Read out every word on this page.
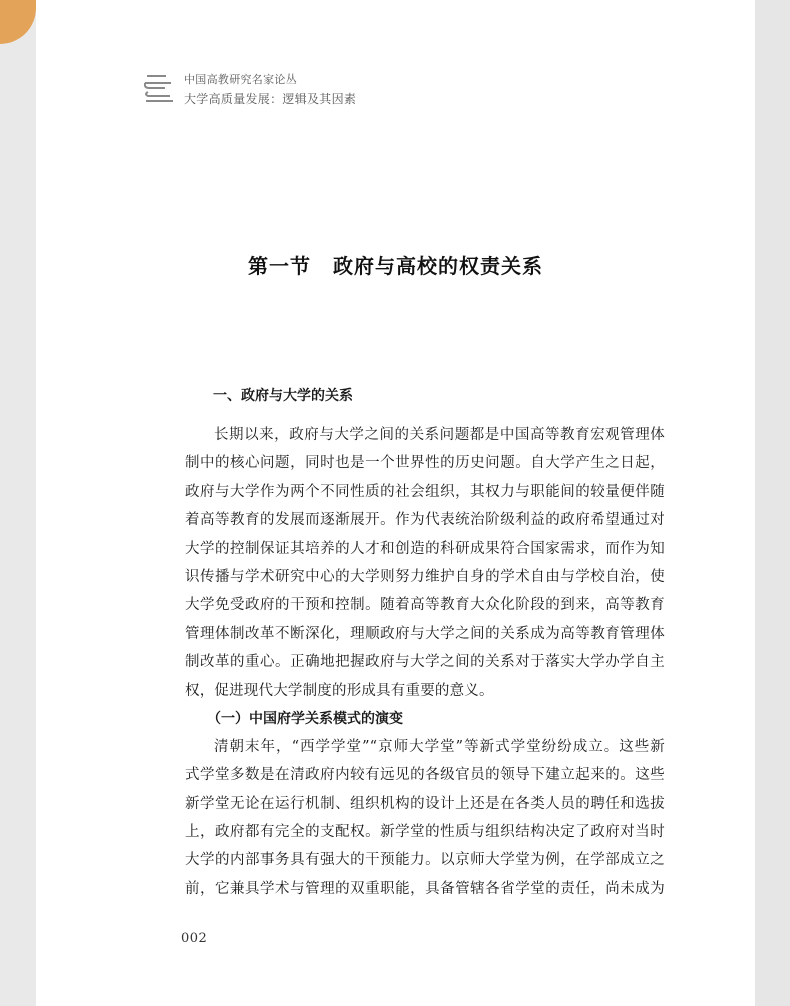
中国高教研究名家论丛
大学高质量发展：逻辑及其因素
第一节 政府与高校的权责关系
一、政府与大学的关系

长期以来，政府与大学之间的关系问题都是中国高等教育宏观管理体
制中的核心问题，同时也是一个世界性的历史问题。自大学产生之日起，
政府与大学作为两个不同性质的社会组织，其权力与职能间的较量便伴随
着高等教育的发展而逐渐展开。作为代表统治阶级利益的政府希望通过对
大学的控制保证其培养的人才和创造的科研成果符合国家需求，而作为知
识传播与学术研究中心的大学则努力维护自身的学术自由与学校自治，使
大学免受政府的干预和控制。随着高等教育大众化阶段的到来，高等教育
管理体制改革不断深化，理顺政府与大学之间的关系成为高等教育管理体
制改革的重心。正确地把握政府与大学之间的关系对于落实大学办学自主
权，促进现代大学制度的形成具有重要的意义。

（一）中国府学关系模式的演变

清朝末年，“西学学堂”“京师大学堂”等新式学堂纷纷成立。这些新
式学堂多数是在清政府内较有远见的各级官员的领导下建立起来的。这些
新学堂无论在运行机制、组织机构的设计上还是在各类人员的聘任和选拔
上，政府都有完全的支配权。新学堂的性质与组织结构决定了政府对当时
大学的内部事务具有强大的干预能力。以京师大学堂为例，在学部成立之
前，它兼具学术与管理的双重职能，具备管辖各省学堂的责任，尚未成为

002
